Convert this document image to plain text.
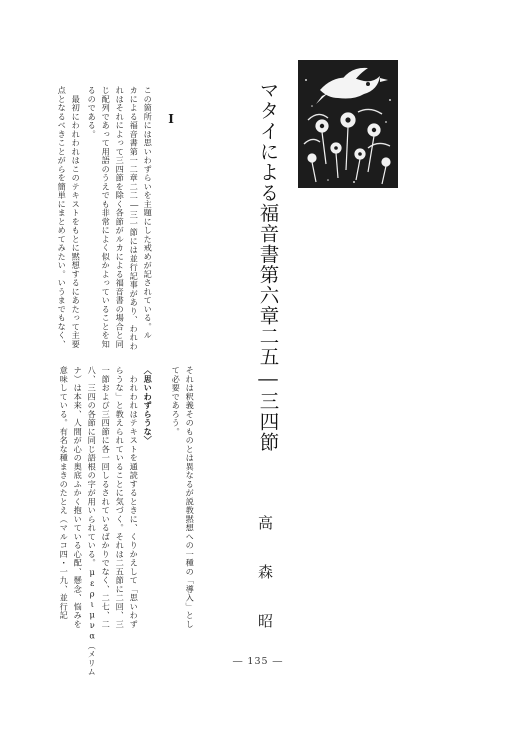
マタイによる福音書第六章二五―三四節
高森昭
I
この箇所には思いわずらいを主題にした戒めが記されている。ル
カによる福音書第一二章二二―三一節には並行記事があり、われわ
れはそれによって三四節を除く各節がルカによる福音書の場合と同
じ配列であって用語のうえでも非常によく似かよっていることを知
るのである。
　最初にわれわれはこのテキストをもとに黙想するにあたって主要
点となるべきことがらを簡単にまとめてみたい。いうまでもなく、
それは釈義そのものとは異なるが説教黙想への一種の「導入」とし
て必要であろう。
〈思いわずらうな〉
　われわれはテキストを通読するときに、くりかえして「思いわず
らうな」と教えられていることに気づく。それは二五節に二回、三
一節および三四節に各一回しるされているばかりでなく、二七、二
八、三四の各節に同じ語根の字が用いられている。μεριμνα（メリム
ナ）は本来、人間が心の奥底ふかく抱いている心配、懸念、悩みを
意味している。有名な種まきのたとえ（マルコ四・一九、並行記
― 135 ―
